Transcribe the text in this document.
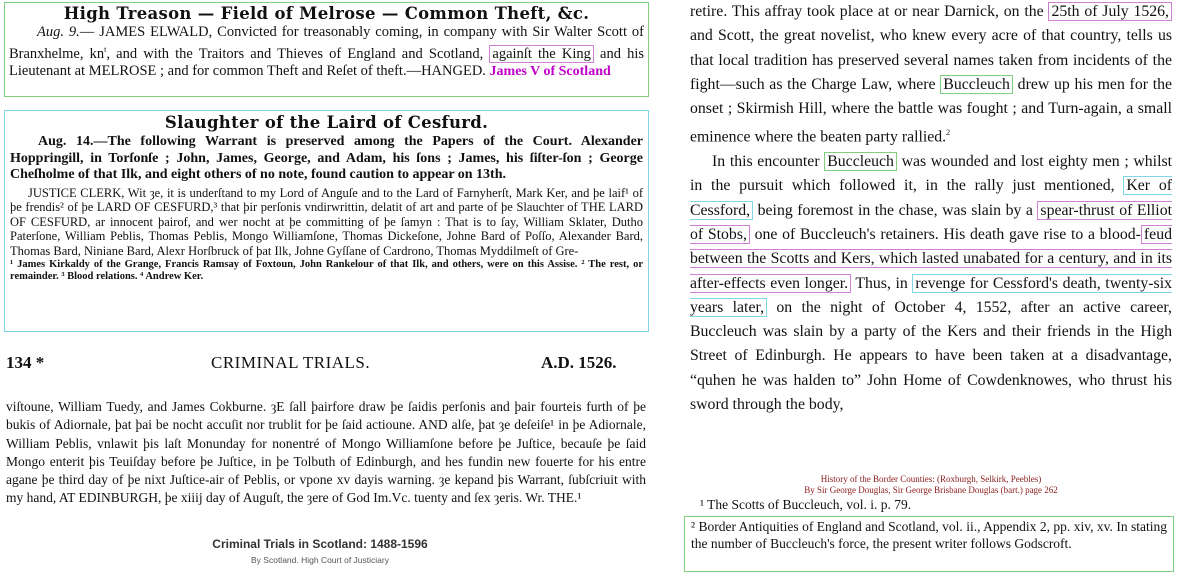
High Treason — Field of Melrose — Common Theft, &c.
Aug. 9.— JAMES ELWALD, Convicted for treasonably coming, in company with Sir Walter Scott of Branxhelme, $kn^t$, and with the Traitors and Thieves of England and Scotland, againſt the King and his Lieutenant at MELROSE ; and for common Theft and Reſet of theft.—HANGED. James V of Scotland
Slaughter of the Laird of Cesfurd.
Aug. 14.—The following Warrant is preserved among the Papers of the Court. Alexander Hoppringill, in Torſonſe ; John, James, George, and Adam, his ſons ; James, his ſiſter-ſon ; George Cheſholme of that Ilk, and eight others of no note, found caution to appear on 13th.
JUSTICE CLERK, Wit ȝe, it is underſtand to my Lord of Anguſe and to the Lard of Farnyherſt, Mark Ker, and þe laif¹ of þe frendis² of þe LARD OF CESFURD,³ that þir perſonis vndirwrittin, delatit of art and parte of þe Slauchter of THE LARD OF CESFURD, ar innocent þairof, and wer nocht at þe committing of þe ſamyn : That is to ſay, William Sklater, Dutho Paterſone, William Peblis, Thomas Peblis, Mongo Williamſone, Thomas Dickeſone, Johne Bard of Poſſo, Alexander Bard, Thomas Bard, Niniane Bard, Alexr Horſbruck of þat Ilk, Johne Gyſſane of Cardrono, Thomas Myddilmeſt of Gre-
¹ James Kirkaldy of the Grange, Francis Ramsay of Foxtoun, John Rankelour of that Ilk, and others, were on this Assise. ² The rest, or remainder. ³ Blood relations. ⁴ Andrew Ker.
134 *	CRIMINAL TRIALS.	A.D. 1526.
viſtoune, William Tuedy, and James Cokburne. ȝE ſall þairfore draw þe ſaidis perſonis and þair fourteis furth of þe bukis of Adiornale, þat þai be nocht accuſit nor trublit for þe ſaid actioune. AND alſe, þat ȝe deſeiſe¹ in þe Adiornale, William Peblis, vnlawit þis laſt Monunday for nonentré of Mongo Williamſone before þe Juſtice, becauſe þe ſaid Mongo enterit þis Teuiſday before þe Juſtice, in þe Tolbuth of Edinburgh, and hes fundin new fouerte for his entre agane þe third day of þe nixt Juſtice-air of Peblis, or vpone xv dayis warning. ȝe kepand þis Warrant, ſubſcriuit with my hand, AT EDINBURGH, þe xiiij day of Auguſt, the ȝere of God Im.Vc. tuenty and ſex ȝeris. Wr. THE.¹
Criminal Trials in Scotland: 1488-1596
By Scotland. High Court of Justiciary

retire. This affray took place at or near Darnick, on the 25th of July 1526, and Scott, the great novelist, who knew every acre of that country, tells us that local tradition has preserved several names taken from incidents of the fight—such as the Charge Law, where Buccleuch drew up his men for the onset ; Skirmish Hill, where the battle was fought ; and Turn-again, a small eminence where the beaten party rallied.$^2$

In this encounter Buccleuch was wounded and lost eighty men ; whilst in the pursuit which followed it, in the rally just mentioned, Ker of Cessford, being foremost in the chase, was slain by a spear-thrust of Elliot of Stobs, one of Buccleuch's retainers. His death gave rise to a blood- feud between the Scotts and Kers, which lasted unabated for a century, and in its after-effects even longer. Thus, in revenge for Cessford's death, twenty-six years later, on the night of October 4, 1552, after an active career, Buccleuch was slain by a party of the Kers and their friends in the High Street of Edinburgh. He appears to have been taken at a disadvantage, “quhen he was halden to” John Home of Cowdenknowes, who thrust his sword through the body,

History of the Border Counties: (Roxburgh, Selkirk, Peebles)
By Sir George Douglas, Sir George Brisbane Douglas (bart.) page 262
¹ The Scotts of Buccleuch, vol. i. p. 79.
² Border Antiquities of England and Scotland, vol. ii., Appendix 2, pp. xiv, xv. In stating the number of Buccleuch's force, the present writer follows Godscroft.
